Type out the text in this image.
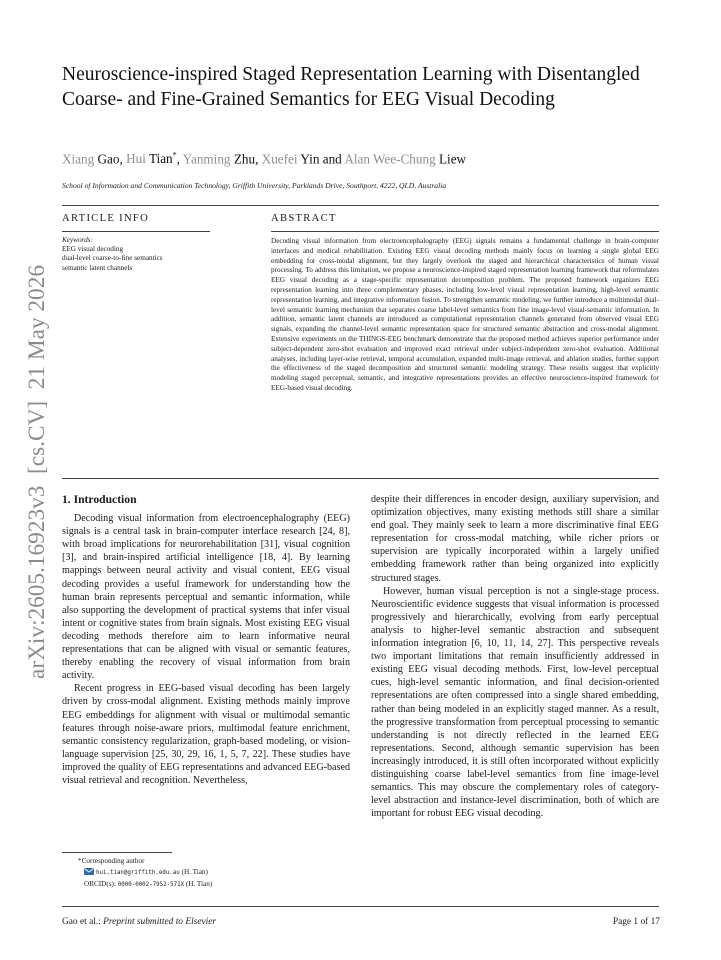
arXiv:2605.16923v3  [cs.CV]  21 May 2026
Neuroscience-inspired Staged Representation Learning with Disentangled Coarse- and Fine-Grained Semantics for EEG Visual Decoding
Xiang Gao, Hui Tian*, Yanming Zhu, Xuefei Yin and Alan Wee-Chung Liew
School of Information and Communication Technology, Griffith University, Parklands Drive, Southport, 4222, QLD, Australia
ARTICLE INFO	ABSTRACT
Keywords:
EEG visual decoding
dual-level coarse-to-fine semantics
semantic latent channels

Decoding visual information from electroencephalography (EEG) signals remains a fundamental challenge in brain-computer interfaces and medical rehabilitation. Existing EEG visual decoding methods mainly focus on learning a single global EEG embedding for cross-modal alignment, but they largely overlook the staged and hierarchical characteristics of human visual processing. To address this limitation, we propose a neuroscience-inspired staged representation learning framework that reformulates EEG visual decoding as a stage-specific representation decomposition problem. The proposed framework organizes EEG representation learning into three complementary phases, including low-level visual representation learning, high-level semantic representation learning, and integrative information fusion. To strengthen semantic modeling, we further introduce a multimodal dual-level semantic learning mechanism that separates coarse label-level semantics from fine image-level visual-semantic information. In addition, semantic latent channels are introduced as computational representation channels generated from observed visual EEG signals, expanding the channel-level semantic representation space for structured semantic abstraction and cross-modal alignment. Extensive experiments on the THINGS-EEG benchmark demonstrate that the proposed method achieves superior performance under subject-dependent zero-shot evaluation and improved exact retrieval under subject-independent zero-shot evaluation. Additional analyses, including layer-wise retrieval, temporal accumulation, expanded multi-image retrieval, and ablation studies, further support the effectiveness of the staged decomposition and structured semantic modeling strategy. These results suggest that explicitly modeling staged perceptual, semantic, and integrative representations provides an effective neuroscience-inspired framework for EEG-based visual decoding.

1. Introduction

Decoding visual information from electroencephalography (EEG) signals is a central task in brain-computer interface research [24, 8], with broad implications for neurorehabilitation [31], visual cognition [3], and brain-inspired artificial intelligence [18, 4]. By learning mappings between neural activity and visual content, EEG visual decoding provides a useful framework for understanding how the human brain represents perceptual and semantic information, while also supporting the development of practical systems that infer visual intent or cognitive states from brain signals. Most existing EEG visual decoding methods therefore aim to learn informative neural representations that can be aligned with visual or semantic features, thereby enabling the recovery of visual information from brain activity.

Recent progress in EEG-based visual decoding has been largely driven by cross-modal alignment. Existing methods mainly improve EEG embeddings for alignment with visual or multimodal semantic features through noise-aware priors, multimodal feature enrichment, semantic consistency regularization, graph-based modeling, or vision-language supervision [25, 30, 29, 16, 1, 5, 7, 22]. These studies have improved the quality of EEG representations and advanced EEG-based visual retrieval and recognition. Nevertheless,

despite their differences in encoder design, auxiliary supervision, and optimization objectives, many existing methods still share a similar end goal. They mainly seek to learn a more discriminative final EEG representation for cross-modal matching, while richer priors or supervision are typically incorporated within a largely unified embedding framework rather than being organized into explicitly structured stages.

However, human visual perception is not a single-stage process. Neuroscientific evidence suggests that visual information is processed progressively and hierarchically, evolving from early perceptual analysis to higher-level semantic abstraction and subsequent information integration [6, 10, 11, 14, 27]. This perspective reveals two important limitations that remain insufficiently addressed in existing EEG visual decoding methods. First, low-level perceptual cues, high-level semantic information, and final decision-oriented representations are often compressed into a single shared embedding, rather than being modeled in an explicitly staged manner. As a result, the progressive transformation from perceptual processing to semantic understanding is not directly reflected in the learned EEG representations. Second, although semantic supervision has been increasingly introduced, it is still often incorporated without explicitly distinguishing coarse label-level semantics from fine image-level semantics. This may obscure the complementary roles of category-level abstraction and instance-level discrimination, both of which are important for robust EEG visual decoding.

*Corresponding author
hui.tian@griffith.edu.au (H. Tian)
ORCID(s): 0000-0002-7952-571X (H. Tian)
Gao et al.: Preprint submitted to Elsevier	Page 1 of 17
